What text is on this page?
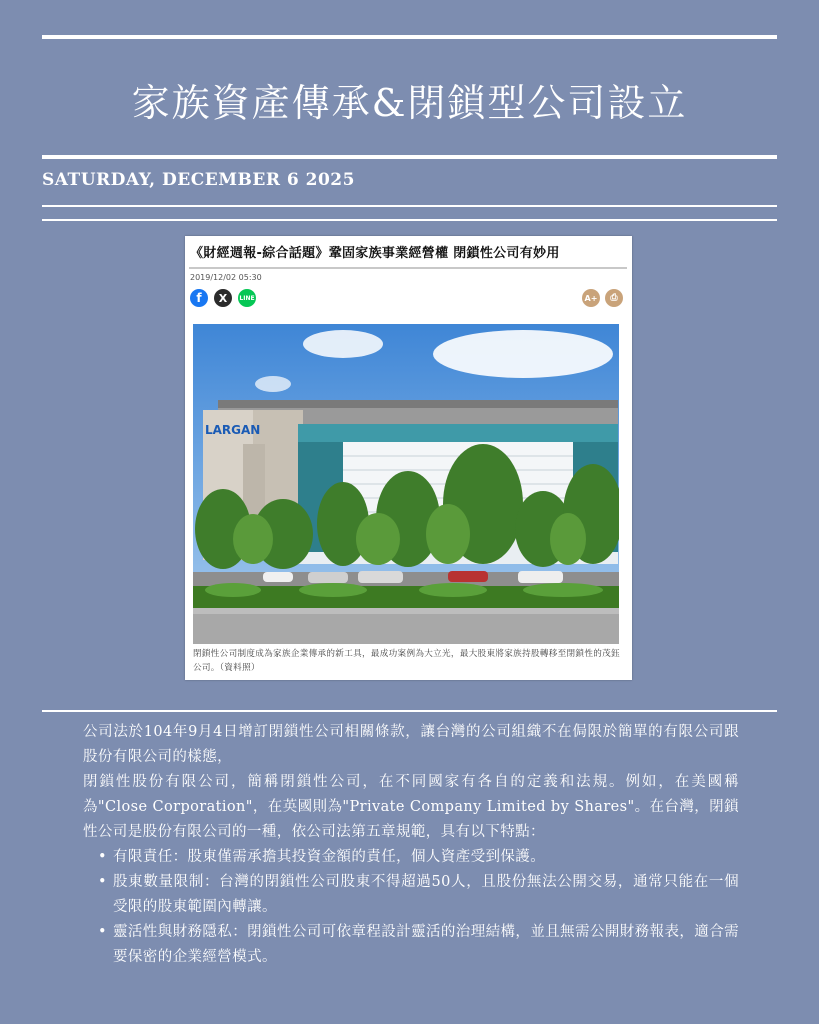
家族資產傳承&閉鎖型公司設立
SATURDAY, DECEMBER 6 2025
《財經週報-綜合話題》鞏固家族事業經營權 閉鎖性公司有妙用
2019/12/02 05:30
f	X	LINE	A+	⎙
LARGAN
閉鎖性公司制度成為家族企業傳承的新工具，最成功案例為大立光，最大股東將家族持股轉移至閉鎖性的茂鈺公司。（資料照）

公司法於104年9月4日增訂閉鎖性公司相關條款，讓台灣的公司組織不在侷限於簡單的有限公司跟股份有限公司的樣態，

閉鎖性股份有限公司，簡稱閉鎖性公司，在不同國家有各自的定義和法規。例如，在美國稱為"Close Corporation"，在英國則為"Private Company Limited by Shares"。在台灣，閉鎖性公司是股份有限公司的一種，依公司法第五章規範，具有以下特點：

• 有限責任：股東僅需承擔其投資金額的責任，個人資產受到保護。
• 股東數量限制：台灣的閉鎖性公司股東不得超過50人，且股份無法公開交易，通常只能在一個受限的股東範圍內轉讓。
• 靈活性與財務隱私：閉鎖性公司可依章程設計靈活的治理結構，並且無需公開財務報表，適合需要保密的企業經營模式。
